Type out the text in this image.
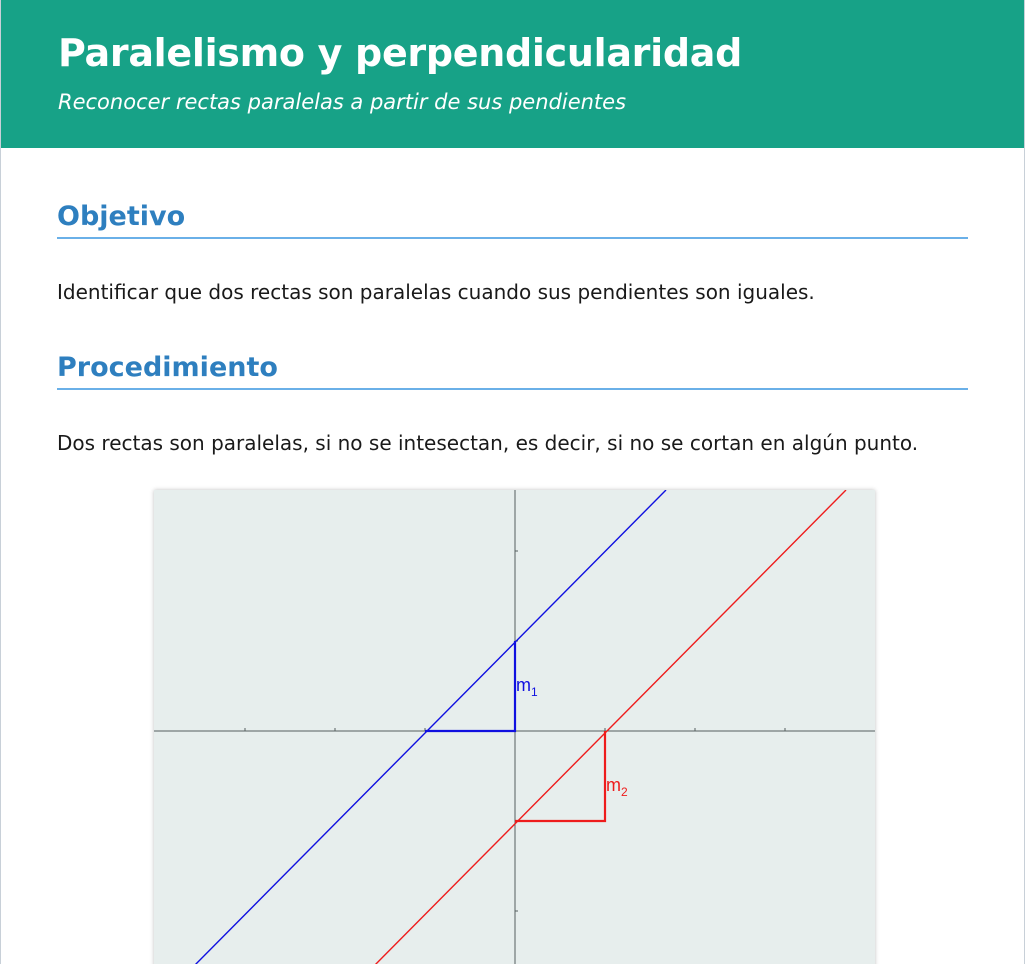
Paralelismo y perpendicularidad
Reconocer rectas paralelas a partir de sus pendientes
Objetivo

Identificar que dos rectas son paralelas cuando sus pendientes son iguales.

Procedimiento

Dos rectas son paralelas, si no se intesectan, es decir, si no se cortan en algún punto.

$m_1$
$m_2$
